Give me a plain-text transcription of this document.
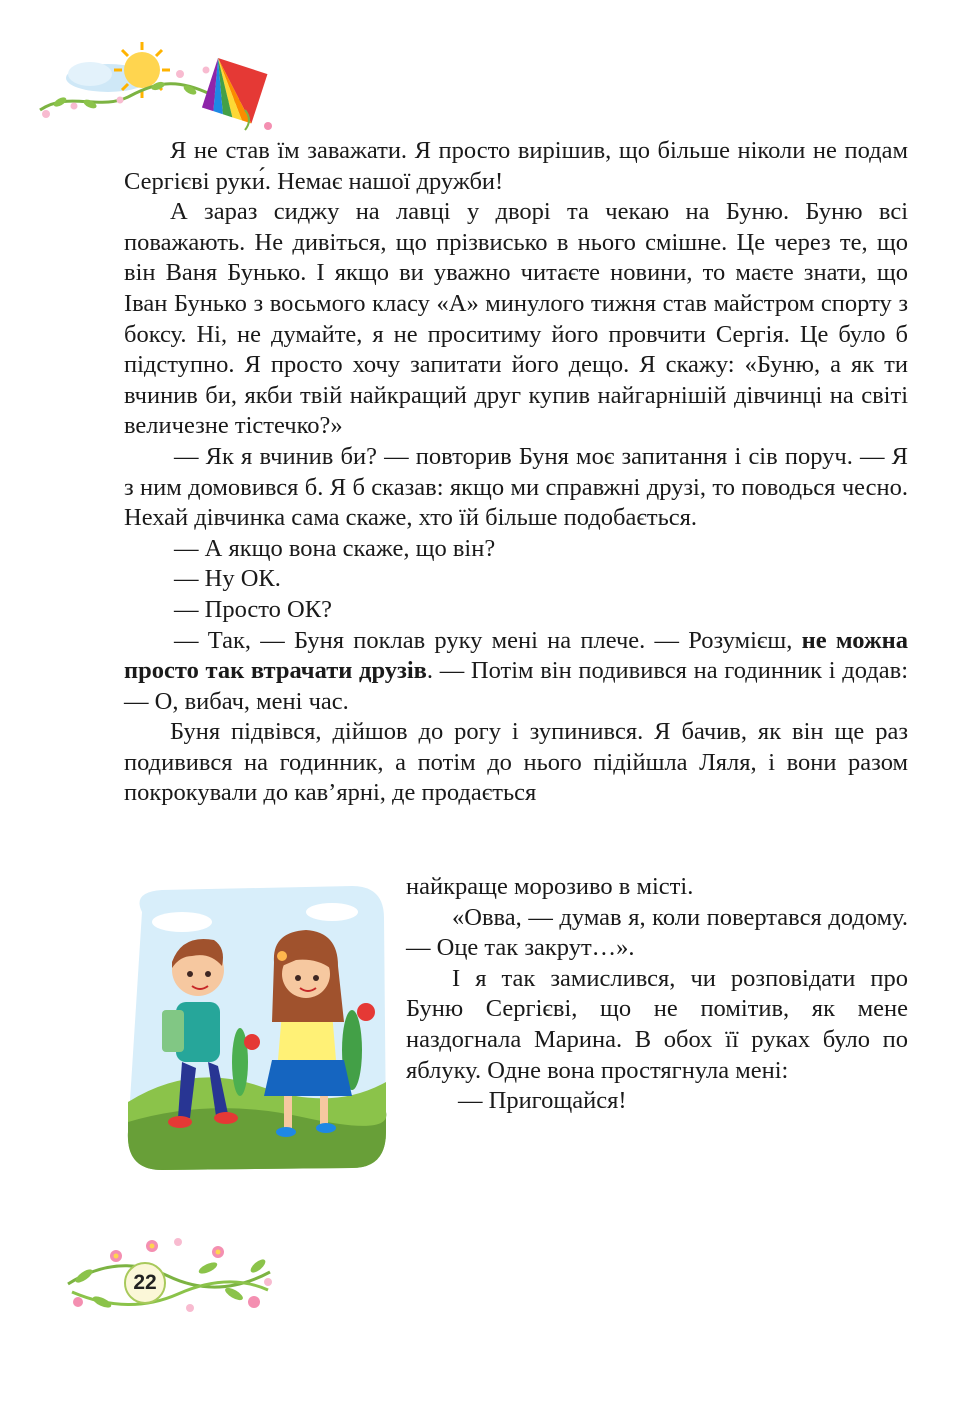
Я не став їм заважати. Я просто вирішив, що більше ніколи не подам Сергієві руки́. Немає нашої дружби!

А зараз сиджу на лавці у дворі та чекаю на Буню. Буню всі поважають. Не дивіться, що прізвисько в нього смішне. Це через те, що він Ваня Бунько. І якщо ви уважно читаєте новини, то маєте знати, що Іван Бунько з восьмого класу «А» минулого тижня став майстром спорту з боксу. Ні, не думайте, я не проситиму його провчити Сергія. Це було б підступно. Я просто хочу запитати його дещо. Я скажу: «Буню, а як ти вчинив би, якби твій найкращий друг купив найгарнішій дівчинці на світі величезне тістечко?»

— Як я вчинив би? — повторив Буня моє запитання і сів поруч. — Я з ним домовився б. Я б сказав: якщо ми справжні друзі, то поводься чесно. Нехай дівчинка сама скаже, хто їй більше подобається.

— А якщо вона скаже, що він?

— Ну ОК.

— Просто ОК?

— Так, — Буня поклав руку мені на плече. — Розумієш, не можна просто так втрачати друзів. — Потім він подивився на годинник і додав: — О, вибач, мені час.

Буня підвівся, дійшов до рогу і зупинився. Я бачив, як він ще раз подивився на годинник, а потім до нього підійшла Ляля, і вони разом покрокували до кав’ярні, де продається

найкраще морозиво в місті.

«Овва, — думав я, коли повертався додому. — Оце так закрут…».

І я так замислився, чи розповідати про Буню Сергієві, що не помітив, як мене наздогнала Марина. В обох її руках було по яблуку. Одне вона простягнула мені:

— Пригощайся!

22
